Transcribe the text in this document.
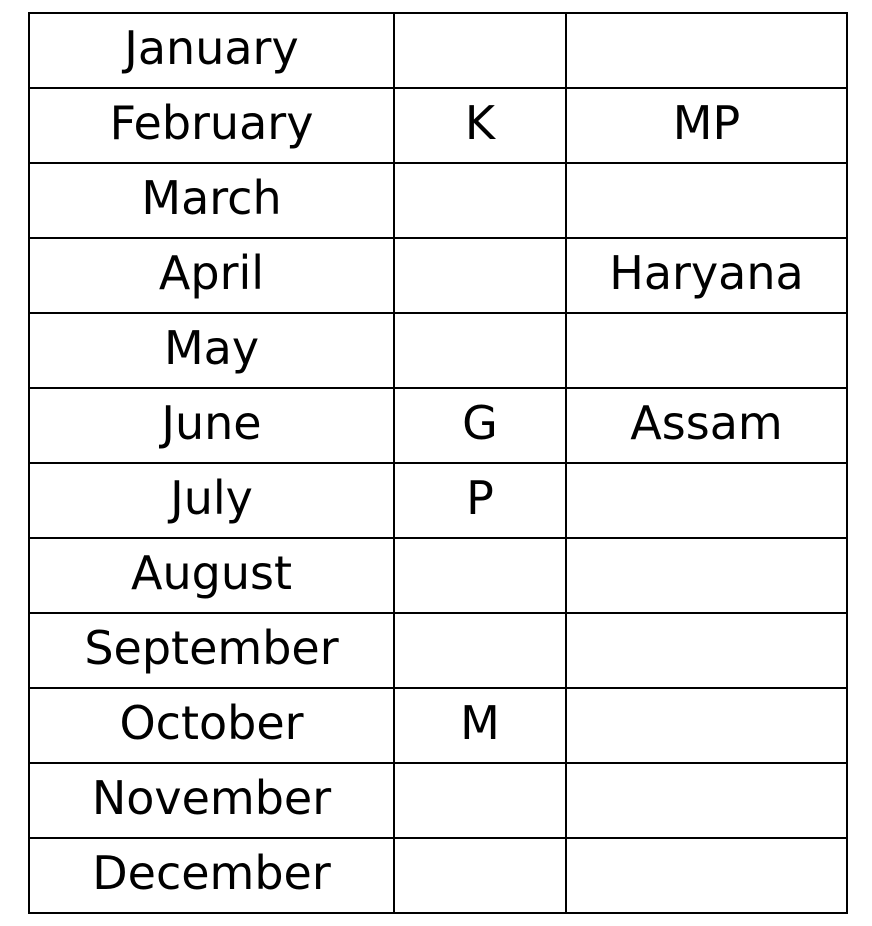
January		
February	K	MP
March		
April		Haryana
May		
June	G	Assam
July	P	
August		
September		
October	M	
November		
December		
